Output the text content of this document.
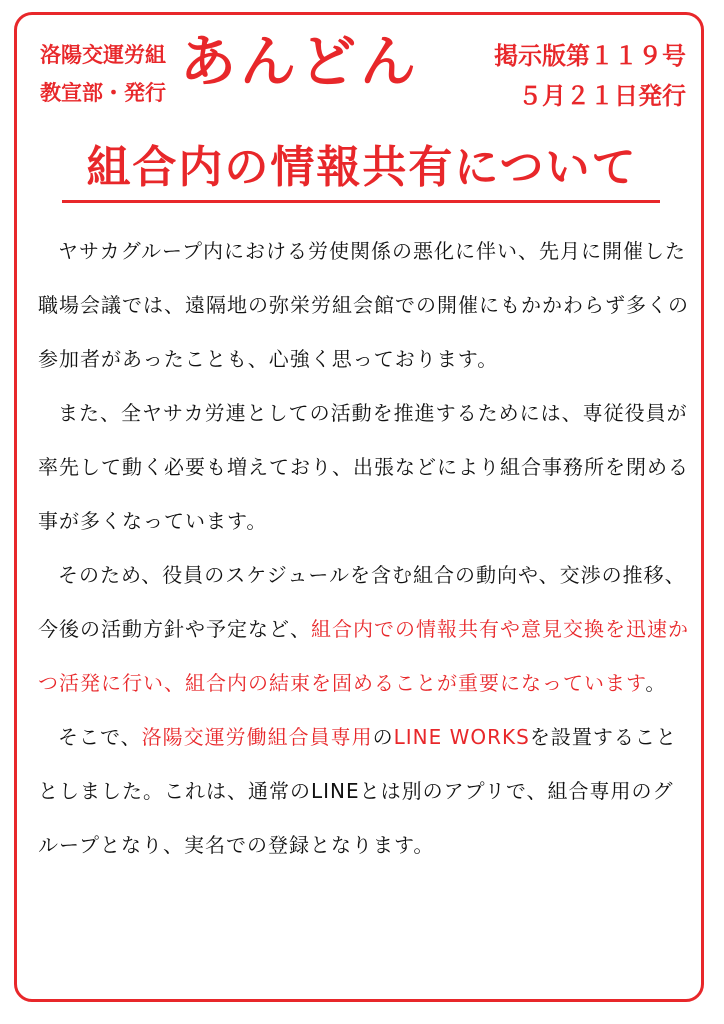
洛陽交運労組
教宣部・発行 あんどん	掲示版第１１９号
５月２１日発行
組合内の情報共有について

ヤサカグループ内における労使関係の悪化に伴い、先月に開催した職場会議では、遠隔地の弥栄労組会館での開催にもかかわらず多くの参加者があったことも、心強く思っております。

また、全ヤサカ労連としての活動を推進するためには、専従役員が率先して動く必要も増えており、出張などにより組合事務所を閉める事が多くなっています。

そのため、役員のスケジュールを含む組合の動向や、交渉の推移、今後の活動方針や予定など、組合内での情報共有や意見交換を迅速かつ活発に行い、組合内の結束を固めることが重要になっています。

そこで、洛陽交運労働組合員専用のLINE WORKSを設置することとしました。これは、通常のLINEとは別のアプリで、組合専用のグループとなり、実名での登録となります。
